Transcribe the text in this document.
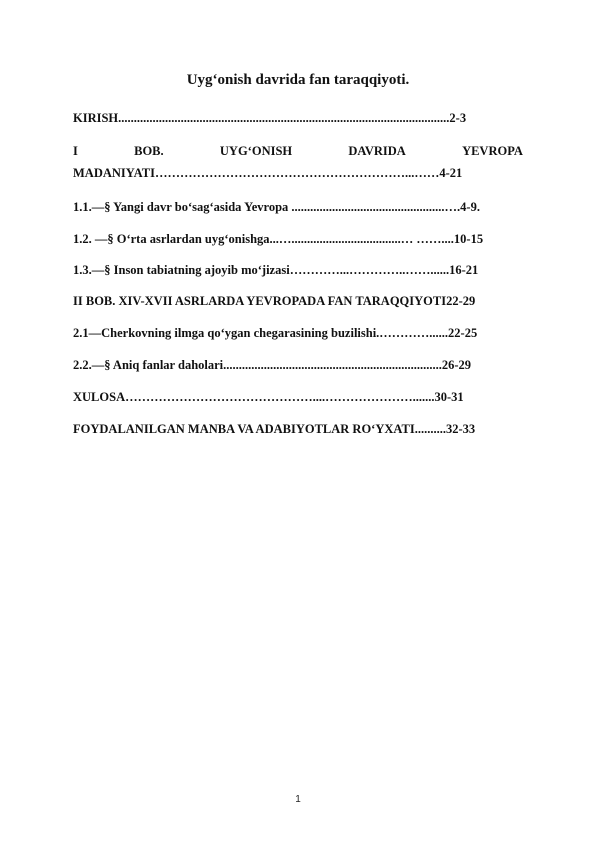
Uyg‘onish davrida fan taraqqiyoti.
KIRISH..........................................................................................................2-3
I	BOB.	UYG‘ONISH	DAVRIDA	YEVROPA
MADANIYATI……………………………………………………...……4-21
1.1.—§ Yangi davr bo‘sag‘asida Yevropa .................................................….4-9.
1.2. —§ O‘rta asrlardan uyg‘onishga...…...................................… ……....10-15
1.3.—§ Inson tabiatning ajoyib mo‘jizasi…………...…………..……......16-21
II BOB. XIV-XVII ASRLARDA YEVROPADA FAN TARAQQIYOTI22-29
2.1—Cherkovning ilmga qo‘ygan chegarasining buzilishi.…………......22-25
2.2.—§ Aniq fanlar daholari......................................................................26-29
XULOSA………………………………………....………………….......30-31
FOYDALANILGAN MANBA VA ADABIYOTLAR RO‘YXATI..........32-33
1
